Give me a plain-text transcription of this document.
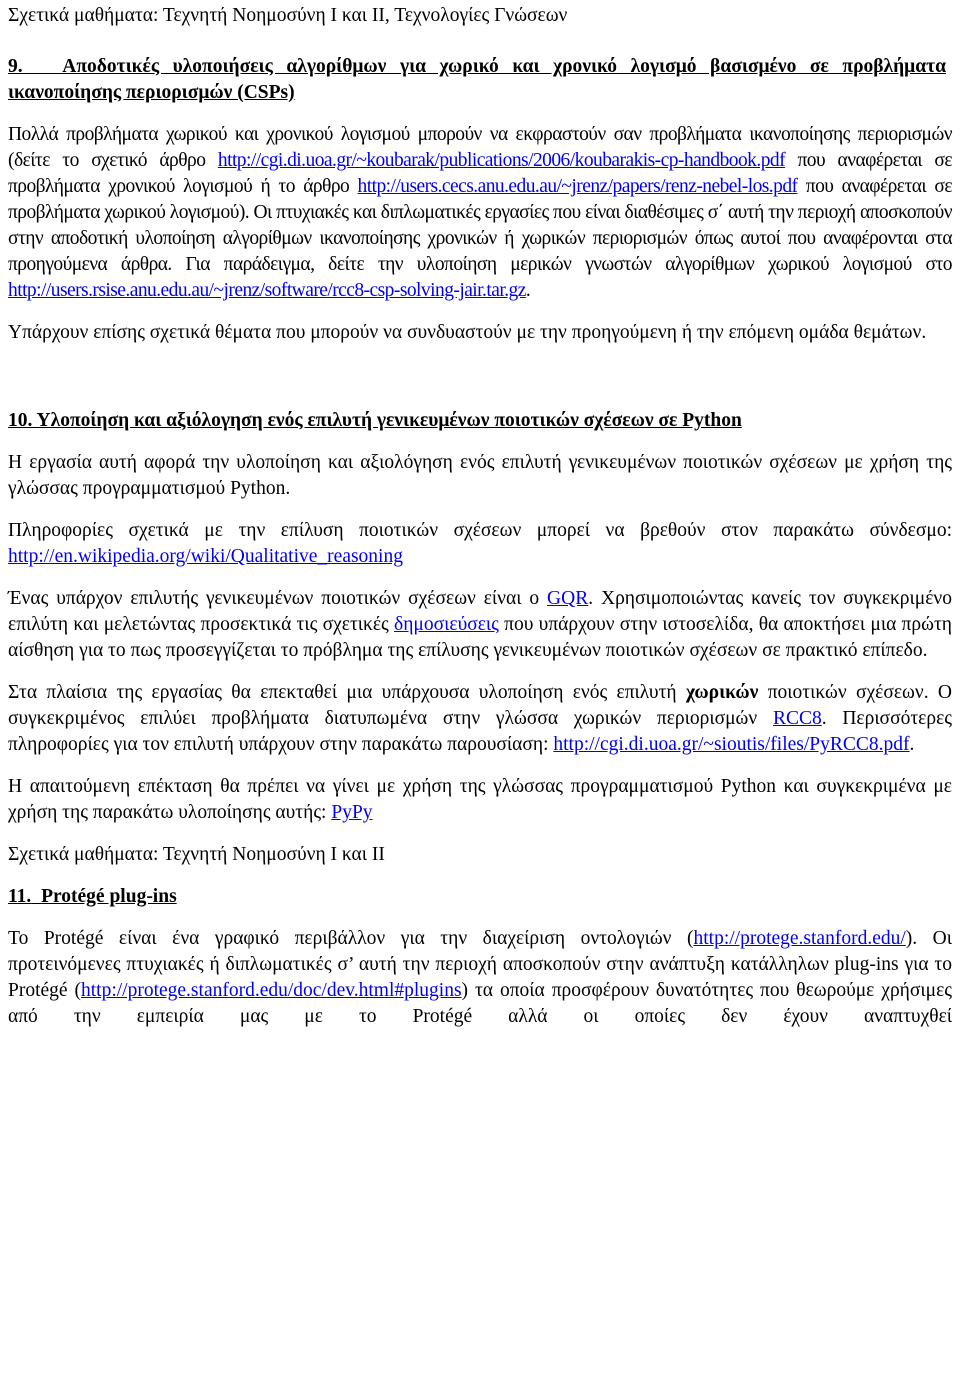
Σχετικά μαθήματα: Τεχνητή Νοημοσύνη Ι και ΙΙ, Τεχνολογίες Γνώσεων

9. Αποδοτικές υλοποιήσεις αλγορίθμων για χωρικό και χρονικό λογισμό βασισμένο σε προβλήματα ικανοποίησης περιορισμών (CSPs)

Πολλά προβλήματα χωρικού και χρονικού λογισμού μπορούν να εκφραστούν σαν προβλήματα ικανοποίησης περιορισμών (δείτε το σχετικό άρθρο http://cgi.di.uoa.gr/~koubarak/publications/2006/koubarakis-cp-handbook.pdf που αναφέρεται σε προβλήματα χρονικού λογισμού ή το άρθρο http://users.cecs.anu.edu.au/~jrenz/papers/renz-nebel-los.pdf που αναφέρεται σε προβλήματα χωρικού λογισμού). Οι πτυχιακές και διπλωματικές εργασίες που είναι διαθέσιμες σ΄ αυτή την περιοχή αποσκοπούν στην αποδοτική υλοποίηση αλγορίθμων ικανοποίησης χρονικών ή χωρικών περιορισμών όπως αυτοί που αναφέρονται στα προηγούμενα άρθρα. Για παράδειγμα, δείτε την υλοποίηση μερικών γνωστών αλγορίθμων χωρικού λογισμού στο http://users.rsise.anu.edu.au/~jrenz/software/rcc8-csp-solving-jair.tar.gz.

Υπάρχουν επίσης σχετικά θέματα που μπορούν να συνδυαστούν με την προηγούμενη ή την επόμενη ομάδα θεμάτων.

10. Υλοποίηση και αξιόλογηση ενός επιλυτή γενικευμένων ποιοτικών σχέσεων σε Python

Η εργασία αυτή αφορά την υλοποίηση και αξιολόγηση ενός επιλυτή γενικευμένων ποιοτικών σχέσεων με χρήση της γλώσσας προγραμματισμού Python.

Πληροφορίες σχετικά με την επίλυση ποιοτικών σχέσεων μπορεί να βρεθούν στον παρακάτω σύνδεσμο: http://en.wikipedia.org/wiki/Qualitative_reasoning

Ένας υπάρχον επιλυτής γενικευμένων ποιοτικών σχέσεων είναι ο GQR. Χρησιμοποιώντας κανείς τον συγκεκριμένο επιλύτη και μελετώντας προσεκτικά τις σχετικές δημοσιεύσεις που υπάρχουν στην ιστοσελίδα, θα αποκτήσει μια πρώτη αίσθηση για το πως προσεγγίζεται το πρόβλημα της επίλυσης γενικευμένων ποιοτικών σχέσεων σε πρακτικό επίπεδο.

Στα πλαίσια της εργασίας θα επεκταθεί μια υπάρχουσα υλοποίηση ενός επιλυτή χωρικών ποιοτικών σχέσεων. Ο συγκεκριμένος επιλύει προβλήματα διατυπωμένα στην γλώσσα χωρικών περιορισμών RCC8. Περισσότερες πληροφορίες για τον επιλυτή υπάρχουν στην παρακάτω παρουσίαση: http://cgi.di.uoa.gr/~sioutis/files/PyRCC8.pdf.

Η απαιτούμενη επέκταση θα πρέπει να γίνει με χρήση της γλώσσας προγραμματισμού Python και συγκεκριμένα με χρήση της παρακάτω υλοποίησης αυτής: PyPy

Σχετικά μαθήματα: Τεχνητή Νοημοσύνη Ι και ΙΙ

11. Protégé plug-ins

Το Protégé είναι ένα γραφικό περιβάλλον για την διαχείριση οντολογιών (http://protege.stanford.edu/). Οι προτεινόμενες πτυχιακές ή διπλωματικές σ’ αυτή την περιοχή αποσκοπούν στην ανάπτυξη κατάλληλων plug-ins για το Protégé (http://protege.stanford.edu/doc/dev.html#plugins) τα οποία προσφέρουν δυνατότητες που θεωρούμε χρήσιμες από την εμπειρία μας με το Protégé αλλά οι οποίες δεν έχουν αναπτυχθεί
